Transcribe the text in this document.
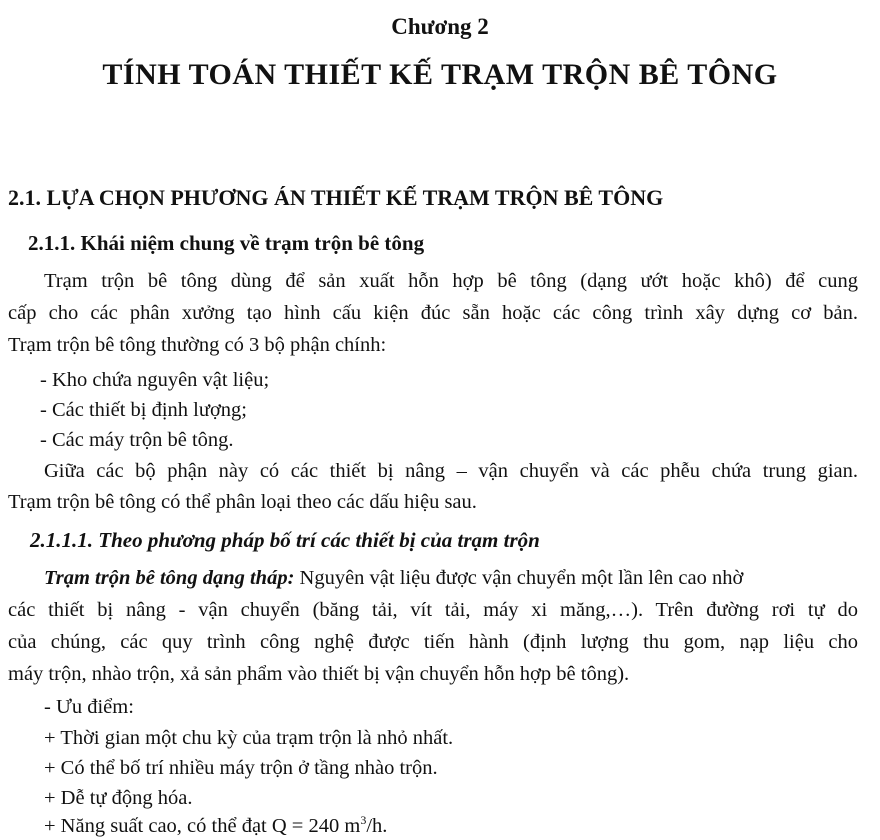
Chương 2
TÍNH TOÁN THIẾT KẾ TRẠM TRỘN BÊ TÔNG
2.1. LỰA CHỌN PHƯƠNG ÁN THIẾT KẾ TRẠM TRỘN BÊ TÔNG
2.1.1. Khái niệm chung về trạm trộn bê tông
Trạm trộn bê tông dùng để sản xuất hỗn hợp bê tông (dạng ướt hoặc khô) để cung
cấp cho các phân xưởng tạo hình cấu kiện đúc sẵn hoặc các công trình xây dựng cơ bản.
Trạm trộn bê tông thường có 3 bộ phận chính:
- Kho chứa nguyên vật liệu;
- Các thiết bị định lượng;
- Các máy trộn bê tông.
Giữa các bộ phận này có các thiết bị nâng – vận chuyển và các phễu chứa trung gian.
Trạm trộn bê tông có thể phân loại theo các dấu hiệu sau.
2.1.1.1. Theo phương pháp bố trí các thiết bị của trạm trộn
Trạm trộn bê tông dạng tháp: Nguyên vật liệu được vận chuyển một lần lên cao nhờ
các thiết bị nâng - vận chuyển (băng tải, vít tải, máy xi măng,…). Trên đường rơi tự do
của chúng, các quy trình công nghệ được tiến hành (định lượng thu gom, nạp liệu cho
máy trộn, nhào trộn, xả sản phẩm vào thiết bị vận chuyển hỗn hợp bê tông).
- Ưu điểm:
+ Thời gian một chu kỳ của trạm trộn là nhỏ nhất.
+ Có thể bố trí nhiều máy trộn ở tầng nhào trộn.
+ Dễ tự động hóa.
+ Năng suất cao, có thể đạt Q = 240 $m^3/h$.
